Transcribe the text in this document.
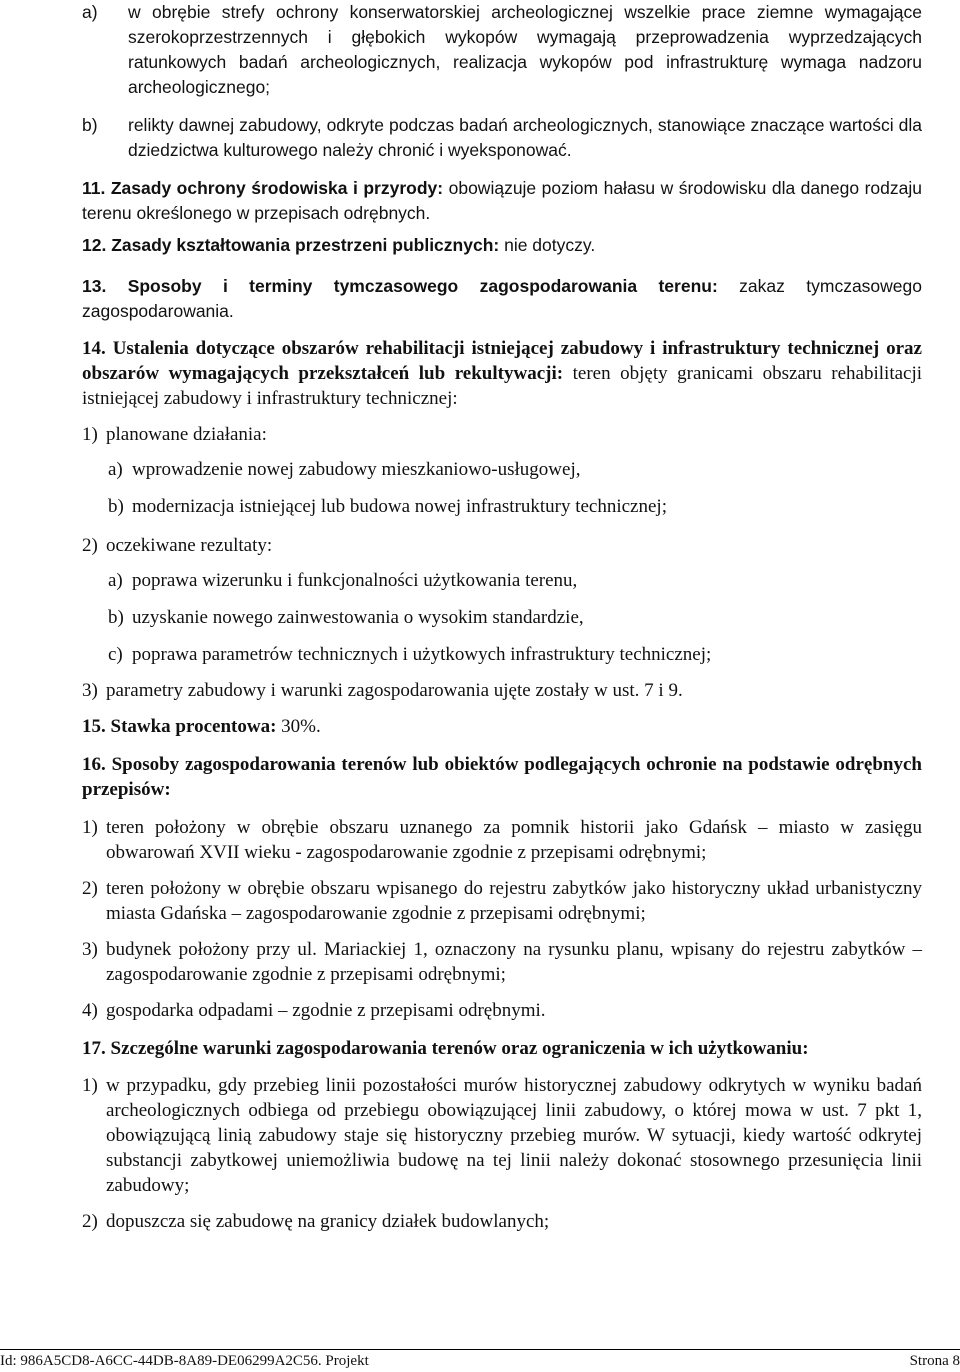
a) w obrębie strefy ochrony konserwatorskiej archeologicznej wszelkie prace ziemne wymagające szerokoprzestrzennych i głębokich wykopów wymagają przeprowadzenia wyprzedzających ratunkowych badań archeologicznych, realizacja wykopów pod infrastrukturę wymaga nadzoru archeologicznego;
b) relikty dawnej zabudowy, odkryte podczas badań archeologicznych, stanowiące znaczące wartości dla dziedzictwa kulturowego należy chronić i wyeksponować.
11. Zasady ochrony środowiska i przyrody: obowiązuje poziom hałasu w środowisku dla danego rodzaju terenu określonego w przepisach odrębnych.
12. Zasady kształtowania przestrzeni publicznych: nie dotyczy.
13. Sposoby i terminy tymczasowego zagospodarowania terenu: zakaz tymczasowego zagospodarowania.
14. Ustalenia dotyczące obszarów rehabilitacji istniejącej zabudowy i infrastruktury technicznej oraz obszarów wymagających przekształceń lub rekultywacji: teren objęty granicami obszaru rehabilitacji istniejącej zabudowy i infrastruktury technicznej:
1) planowane działania:
a) wprowadzenie nowej zabudowy mieszkaniowo-usługowej,
b) modernizacja istniejącej lub budowa nowej infrastruktury technicznej;
2) oczekiwane rezultaty:
a) poprawa wizerunku i funkcjonalności użytkowania terenu,
b) uzyskanie nowego zainwestowania o wysokim standardzie,
c) poprawa parametrów technicznych i użytkowych infrastruktury technicznej;
3) parametry zabudowy i warunki zagospodarowania ujęte zostały w ust. 7 i 9.
15. Stawka procentowa: 30%.
16. Sposoby zagospodarowania terenów lub obiektów podlegających ochronie na podstawie odrębnych przepisów:
1) teren położony w obrębie obszaru uznanego za pomnik historii jako Gdańsk – miasto w zasięgu obwarowań XVII wieku - zagospodarowanie zgodnie z przepisami odrębnymi;
2) teren położony w obrębie obszaru wpisanego do rejestru zabytków jako historyczny układ urbanistyczny miasta Gdańska – zagospodarowanie zgodnie z przepisami odrębnymi;
3) budynek położony przy ul. Mariackiej 1, oznaczony na rysunku planu, wpisany do rejestru zabytków – zagospodarowanie zgodnie z przepisami odrębnymi;
4) gospodarka odpadami – zgodnie z przepisami odrębnymi.
17. Szczególne warunki zagospodarowania terenów oraz ograniczenia w ich użytkowaniu:
1) w przypadku, gdy przebieg linii pozostałości murów historycznej zabudowy odkrytych w wyniku badań archeologicznych odbiega od przebiegu obowiązującej linii zabudowy, o której mowa w ust. 7 pkt 1, obowiązującą linią zabudowy staje się historyczny przebieg murów. W sytuacji, kiedy wartość odkrytej substancji zabytkowej uniemożliwia budowę na tej linii należy dokonać stosownego przesunięcia linii zabudowy;
2) dopuszcza się zabudowę na granicy działek budowlanych;
Id: 986A5CD8-A6CC-44DB-8A89-DE06299A2C56. Projekt	Strona 8
